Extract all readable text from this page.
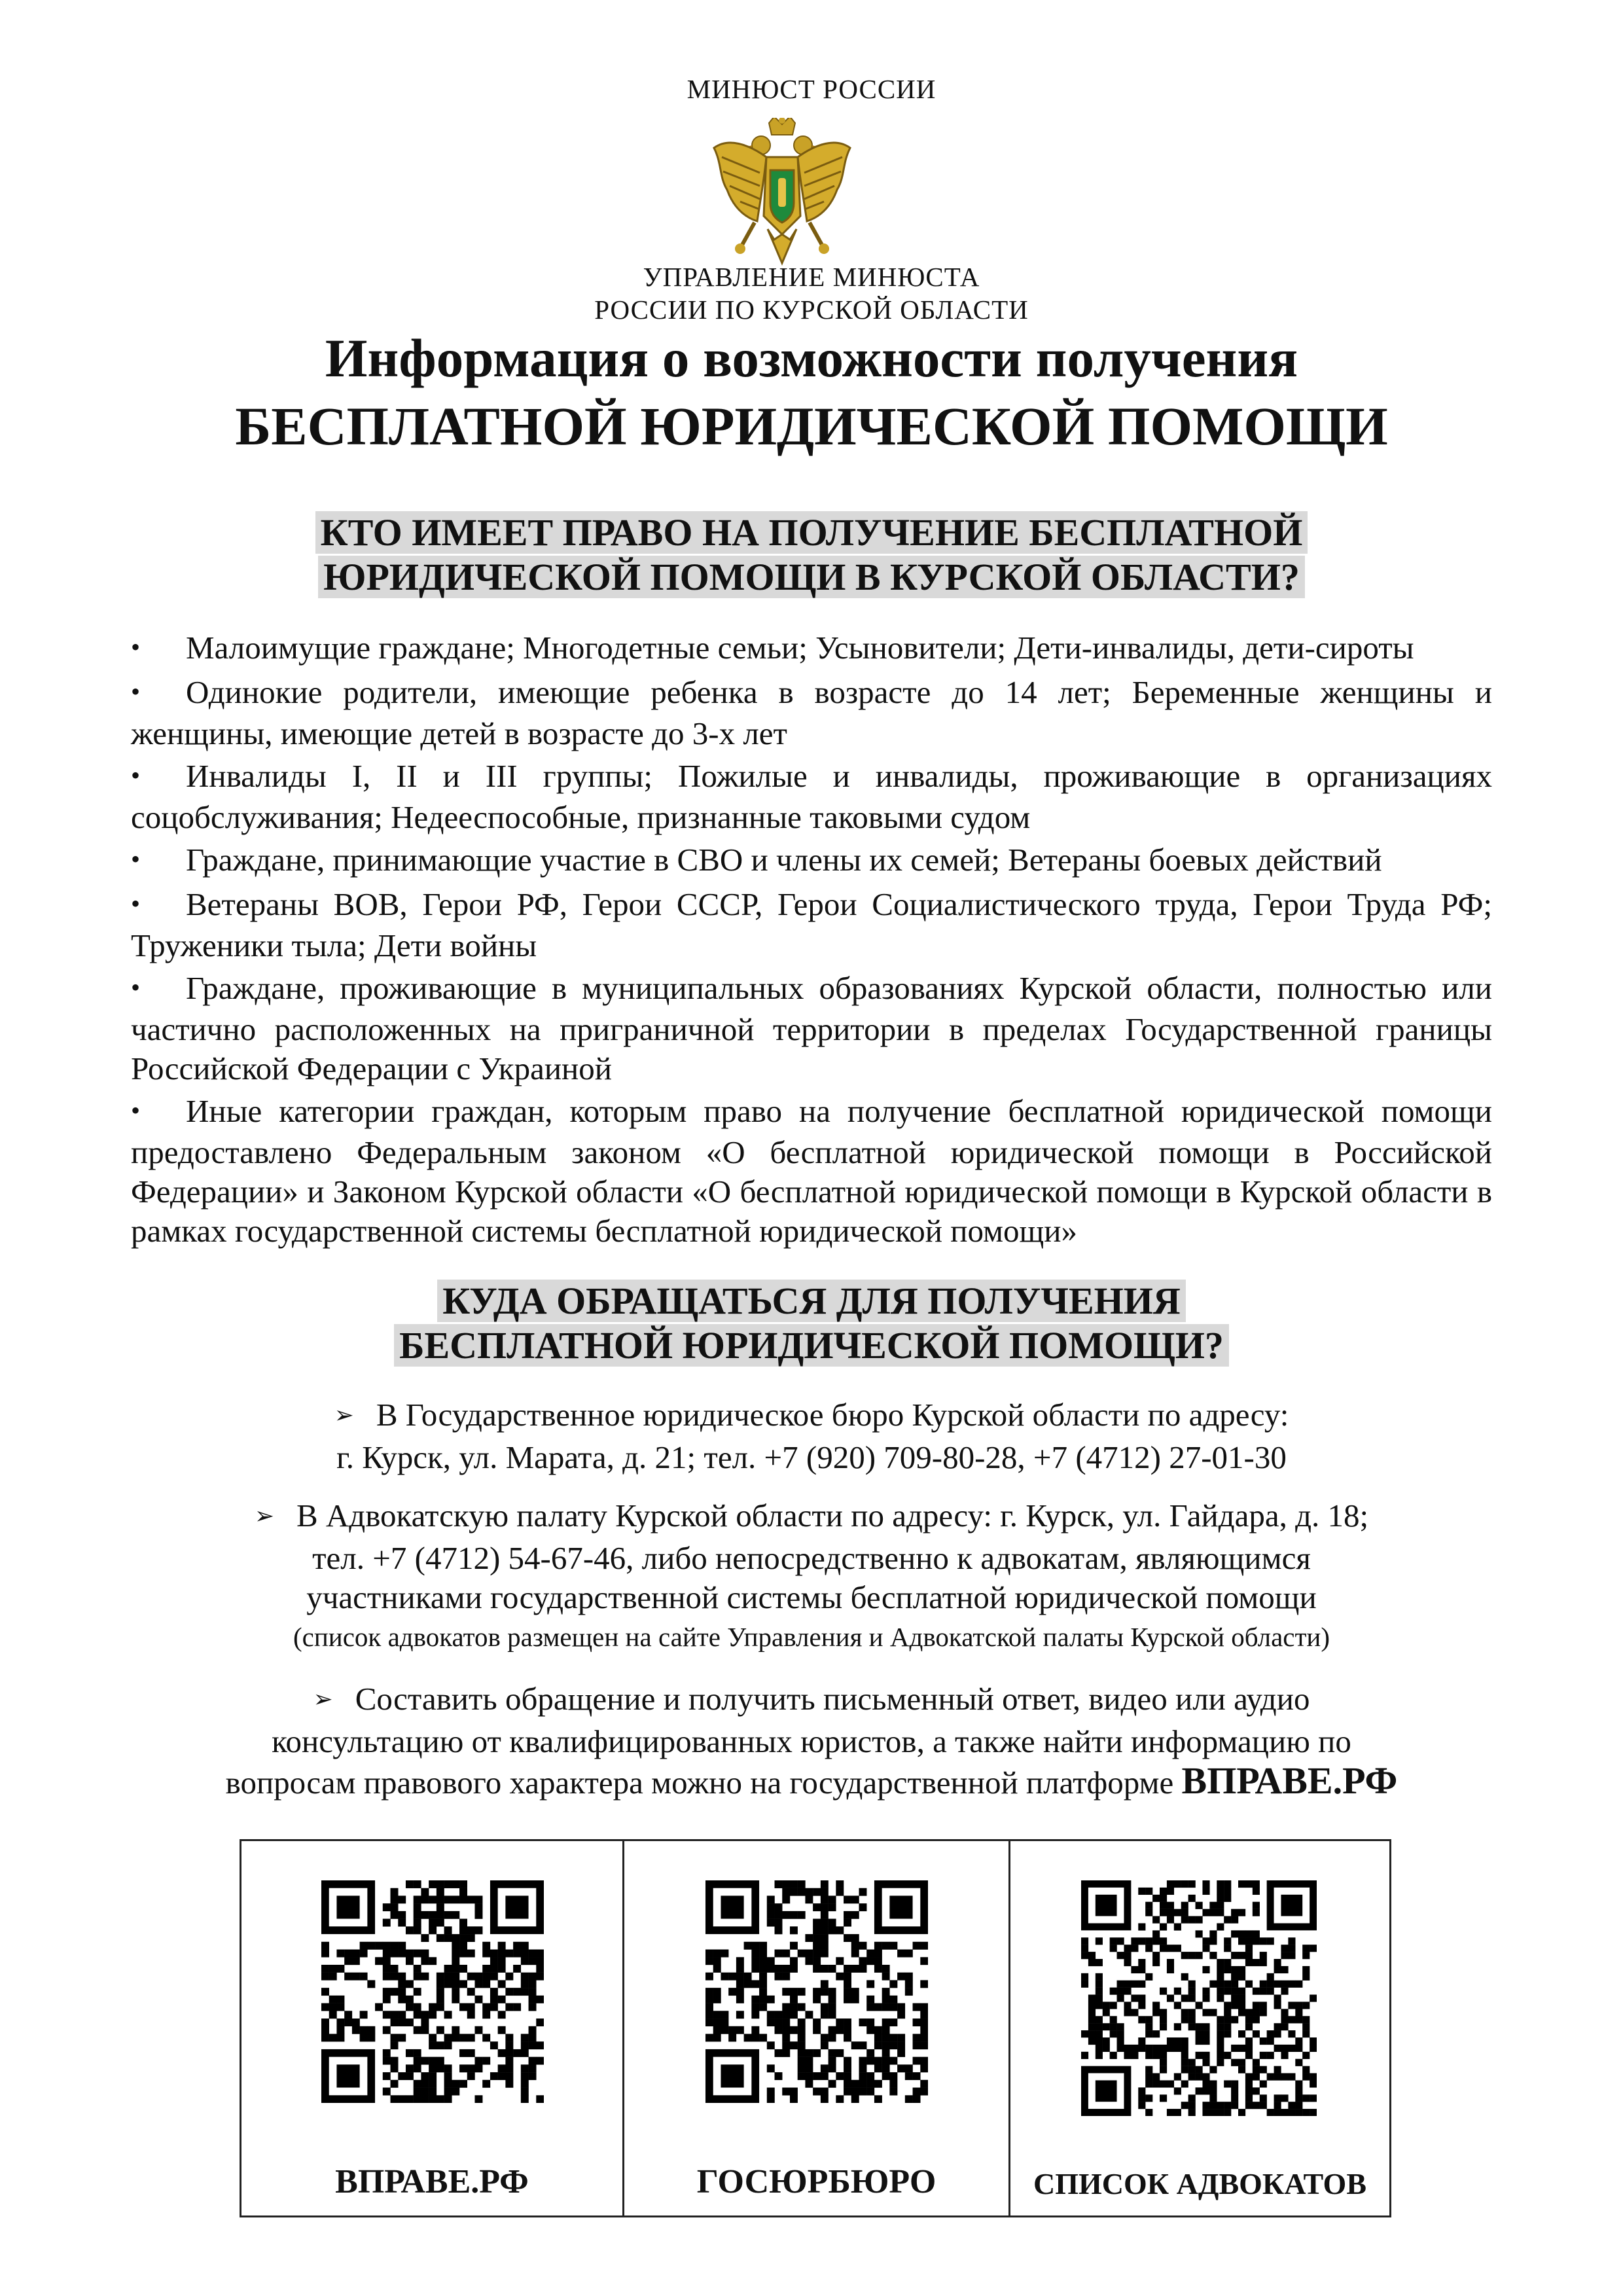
МИНЮСТ РОССИИ
УПРАВЛЕНИЕ МИНЮСТА
РОССИИ ПО КУРСКОЙ ОБЛАСТИ
Информация о возможности получения
БЕСПЛАТНОЙ ЮРИДИЧЕСКОЙ ПОМОЩИ
КТО ИМЕЕТ ПРАВО НА ПОЛУЧЕНИЕ БЕСПЛАТНОЙ
ЮРИДИЧЕСКОЙ ПОМОЩИ В КУРСКОЙ ОБЛАСТИ?
•Малоимущие граждане; Многодетные семьи; Усыновители; Дети-инвалиды, дети-сироты
•Одинокие родители, имеющие ребенка в возрасте до 14 лет; Беременные женщины и женщины, имеющие детей в возрасте до 3-х лет
•Инвалиды I, II и III группы; Пожилые и инвалиды, проживающие в организациях соцобслуживания; Недееспособные, признанные таковыми судом
•Граждане, принимающие участие в СВО и члены их семей; Ветераны боевых действий
•Ветераны ВОВ, Герои РФ, Герои СССР, Герои Социалистического труда, Герои Труда РФ; Труженики тыла; Дети войны
•Граждане, проживающие в муниципальных образованиях Курской области, полностью или частично расположенных на приграничной территории в пределах Государственной границы Российской Федерации с Украиной
•Иные категории граждан, которым право на получение бесплатной юридической помощи предоставлено Федеральным законом «О бесплатной юридической помощи в Российской Федерации» и Законом Курской области «О бесплатной юридической помощи в Курской области в рамках государственной системы бесплатной юридической помощи»
КУДА ОБРАЩАТЬСЯ ДЛЯ ПОЛУЧЕНИЯ
БЕСПЛАТНОЙ ЮРИДИЧЕСКОЙ ПОМОЩИ?
➢ В Государственное юридическое бюро Курской области по адресу:
г. Курск, ул. Марата, д. 21; тел. +7 (920) 709-80-28, +7 (4712) 27-01-30
➢ В Адвокатскую палату Курской области по адресу: г. Курск, ул. Гайдара, д. 18;
тел. +7 (4712) 54-67-46, либо непосредственно к адвокатам, являющимся
участниками государственной системы бесплатной юридической помощи
(список адвокатов размещен на сайте Управления и Адвокатской палаты Курской области)
➢ Составить обращение и получить письменный ответ, видео или аудио
консультацию от квалифицированных юристов, а также найти информацию по
вопросам правового характера можно на государственной платформе ВПРАВЕ.РФ
ВПРАВЕ.РФ	ГОСЮРБЮРО	СПИСОК АДВОКАТОВ
